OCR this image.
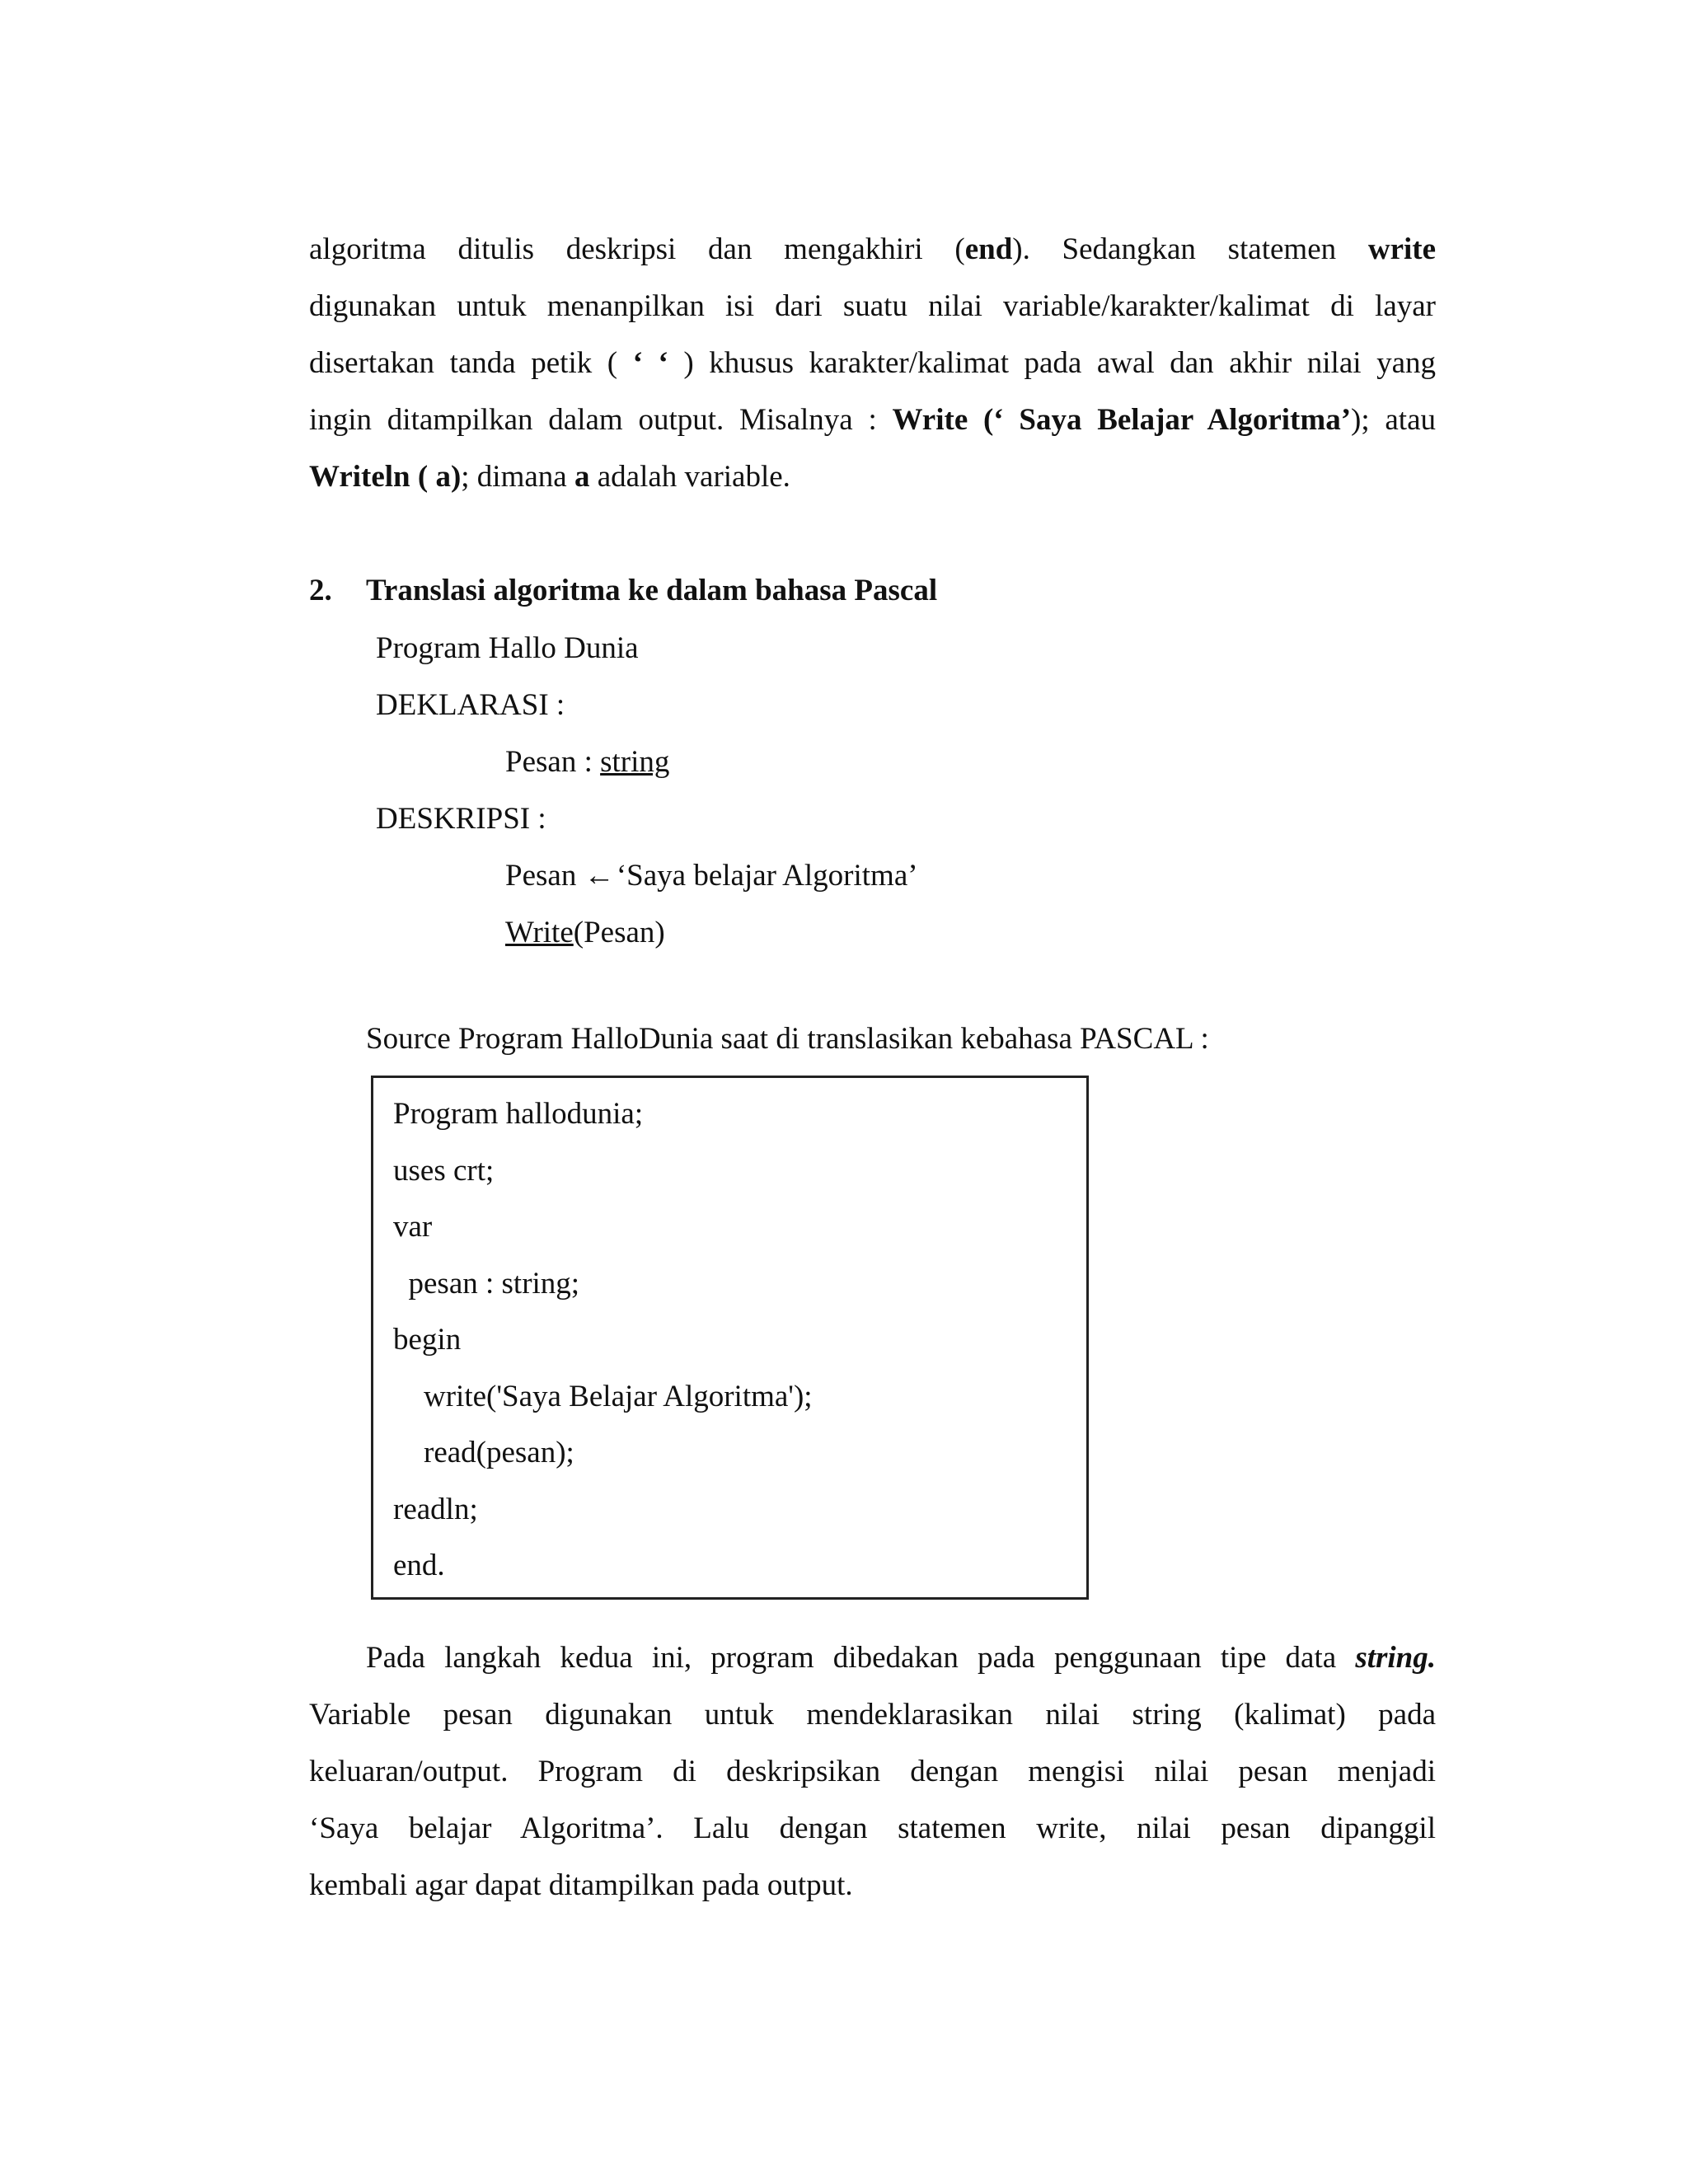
algoritma ditulis deskripsi dan mengakhiri (end). Sedangkan statemen write
digunakan untuk menanpilkan isi dari suatu nilai variable/karakter/kalimat di layar
disertakan tanda petik ( ‘ ‘ ) khusus karakter/kalimat pada awal dan akhir nilai yang
ingin ditampilkan dalam output. Misalnya : Write (‘ Saya Belajar Algoritma’); atau
Writeln ( a); dimana a adalah variable.
2. Translasi algoritma ke dalam bahasa Pascal
Program Hallo Dunia
DEKLARASI :
Pesan : string
DESKRIPSI :
Pesan ← ‘Saya belajar Algoritma’
Write(Pesan)
Source Program HalloDunia saat di translasikan kebahasa PASCAL :
Program hallodunia;
uses crt;
var
pesan : string;
begin
write('Saya Belajar Algoritma');
read(pesan);
readln;
end.
Pada langkah kedua ini, program dibedakan pada penggunaan tipe data string.
Variable pesan digunakan untuk mendeklarasikan nilai string (kalimat) pada
keluaran/output. Program di deskripsikan dengan mengisi nilai pesan menjadi
‘Saya belajar Algoritma’. Lalu dengan statemen write, nilai pesan dipanggil
kembali agar dapat ditampilkan pada output.
